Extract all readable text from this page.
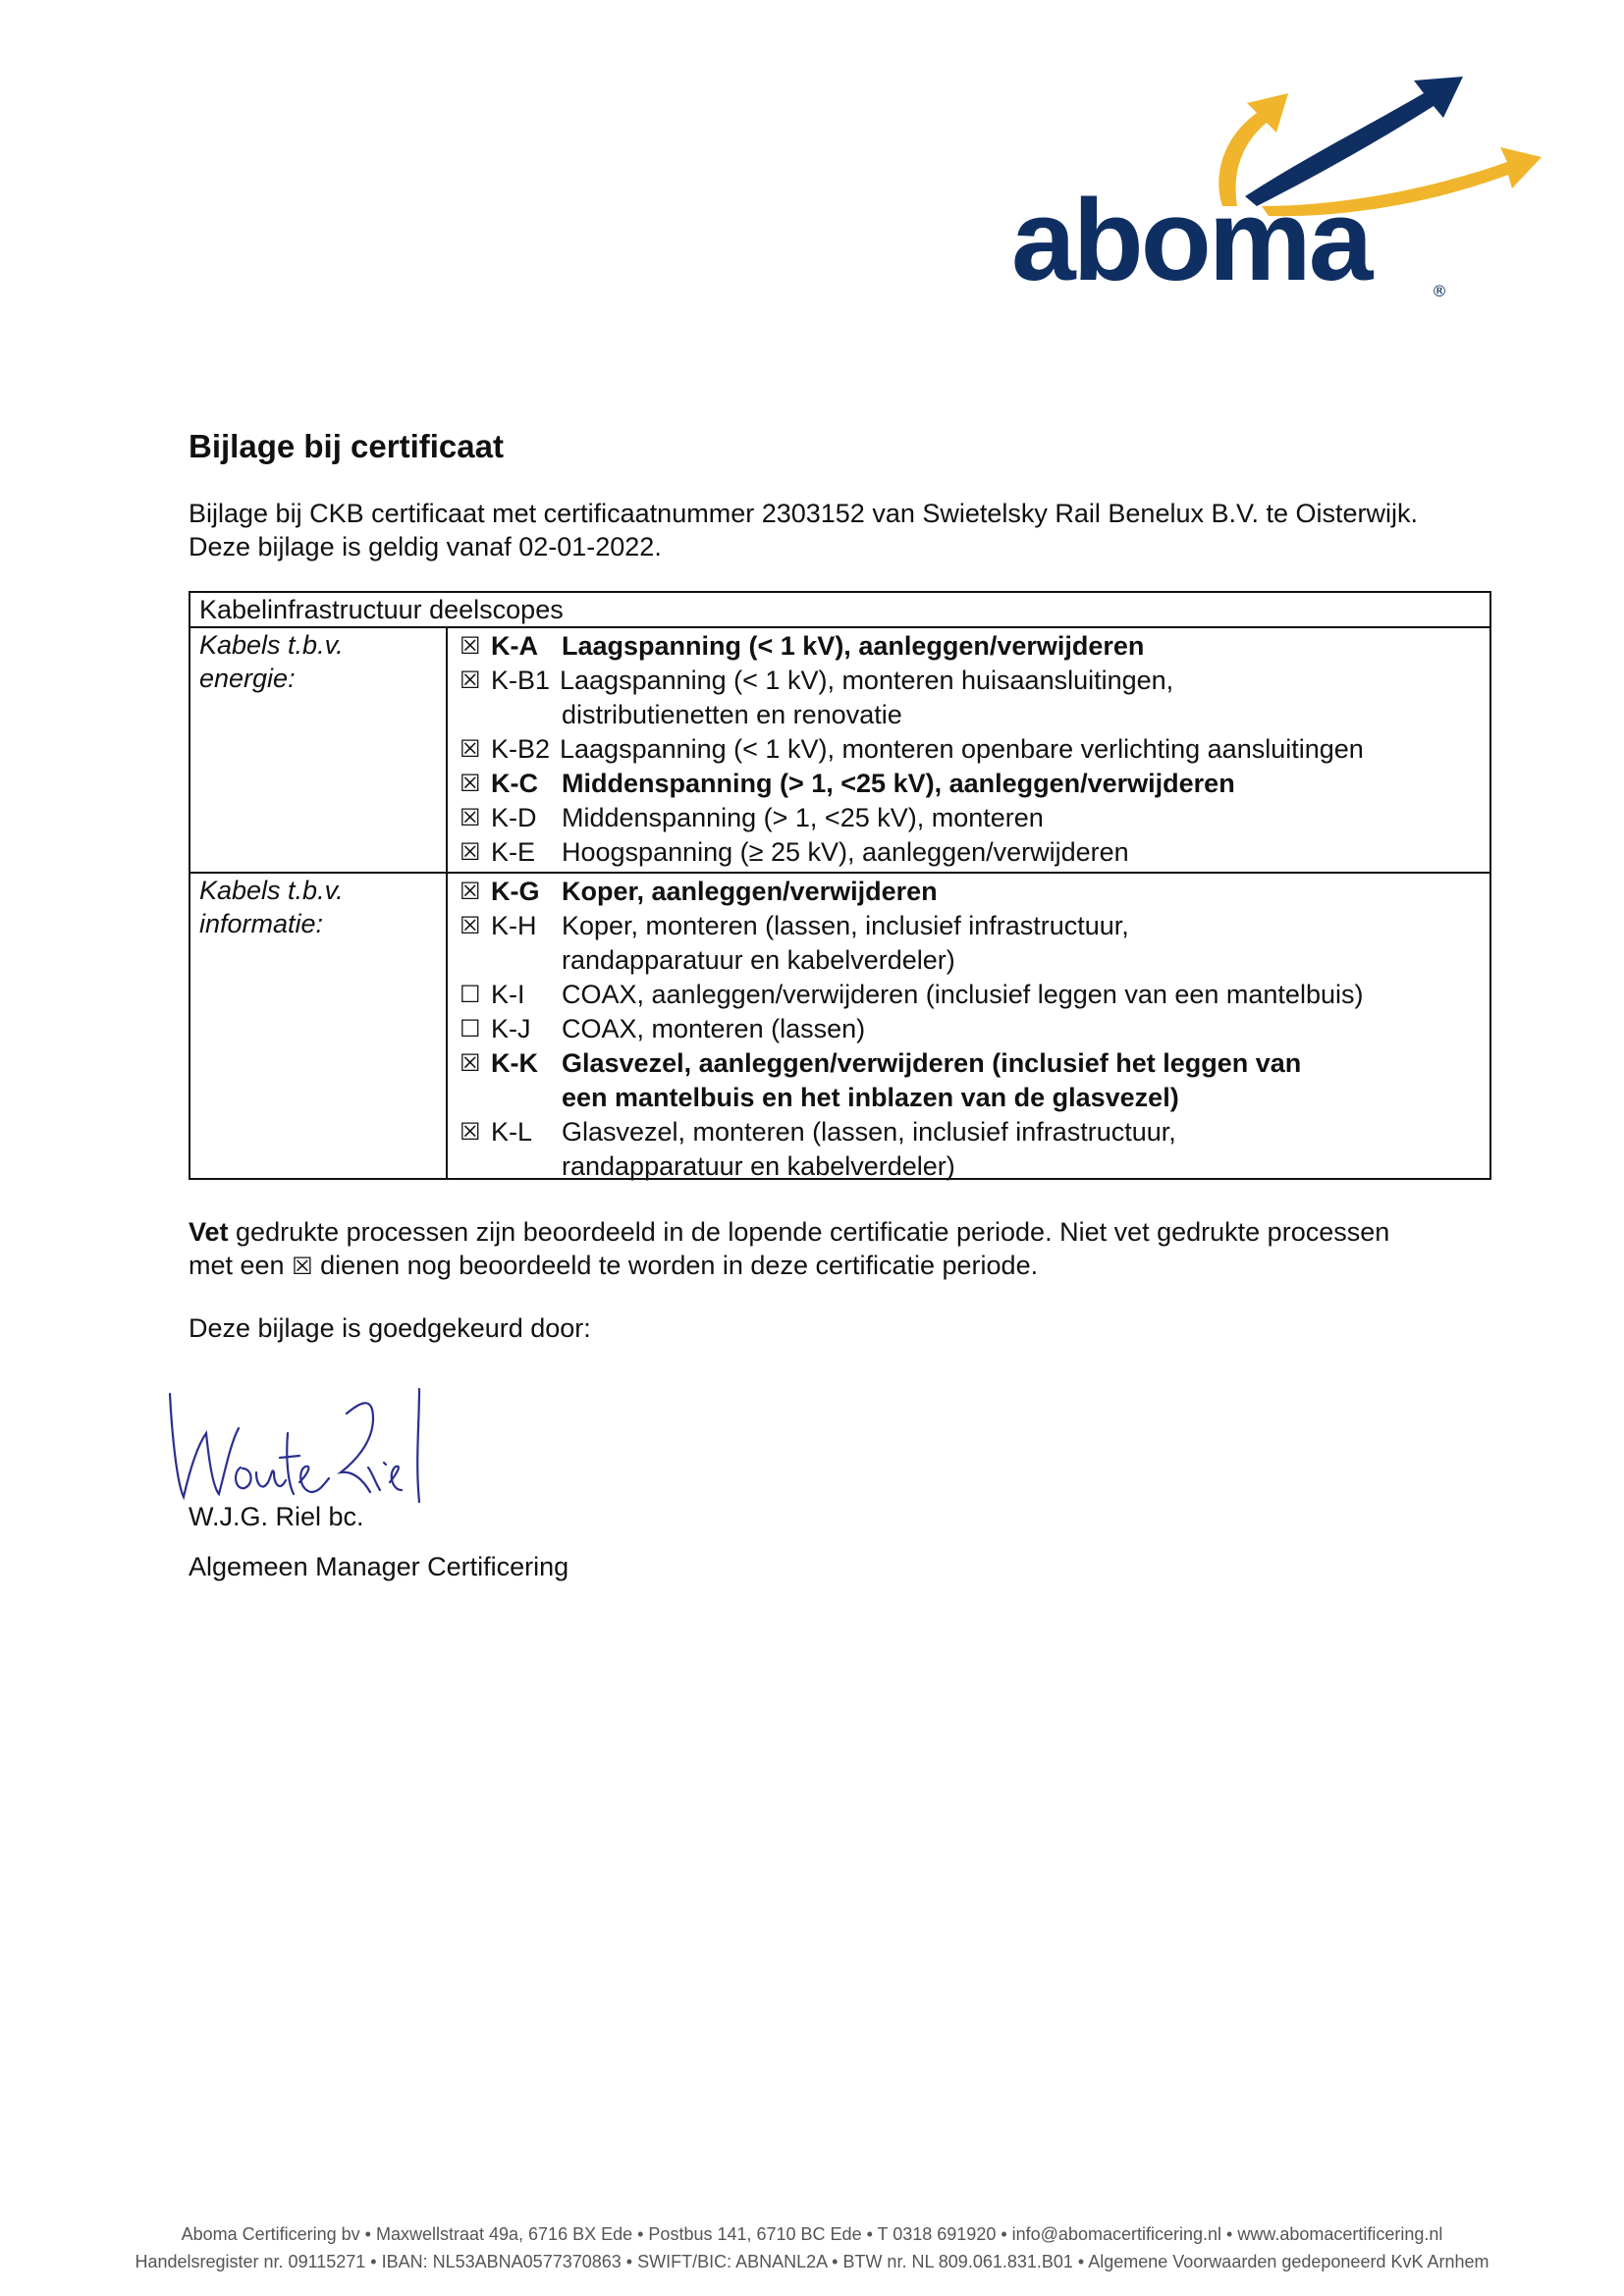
aboma	®
Bijlage bij certificaat

Bijlage bij CKB certificaat met certificaatnummer 2303152 van Swietelsky Rail Benelux B.V. te Oisterwijk.

Deze bijlage is geldig vanaf 02-01-2022.

Kabelinfrastructuur deelscopes
Kabels t.b.v.
energie:
☒ K-A Laagspanning (< 1 kV), aanleggen/verwijderen
☒ K-B1 Laagspanning (< 1 kV), monteren huisaansluitingen,
distributienetten en renovatie
☒ K-B2 Laagspanning (< 1 kV), monteren openbare verlichting aansluitingen
☒ K-C Middenspanning (> 1, <25 kV), aanleggen/verwijderen
☒ K-D Middenspanning (> 1, <25 kV), monteren
☒ K-E Hoogspanning (≥ 25 kV), aanleggen/verwijderen
Kabels t.b.v.
informatie:
☒ K-G Koper, aanleggen/verwijderen
☒ K-H Koper, monteren (lassen, inclusief infrastructuur,
randapparatuur en kabelverdeler)
☐ K-I	COAX, aanleggen/verwijderen (inclusief leggen van een mantelbuis)
☐ K-J	COAX, monteren (lassen)
☒ K-K Glasvezel, aanleggen/verwijderen (inclusief het leggen van
een mantelbuis en het inblazen van de glasvezel)
☒ K-L	Glasvezel, monteren (lassen, inclusief infrastructuur,
randapparatuur en kabelverdeler)
Vet gedrukte processen zijn beoordeeld in de lopende certificatie periode. Niet vet gedrukte processen
met een ☒ dienen nog beoordeeld te worden in deze certificatie periode.

Deze bijlage is goedgekeurd door:

W.J.G. Riel bc.

Algemeen Manager Certificering

Aboma Certificering bv • Maxwellstraat 49a, 6716 BX Ede • Postbus 141, 6710 BC Ede • T 0318 691920 • info@abomacertificering.nl • www.abomacertificering.nl
Handelsregister nr. 09115271 • IBAN: NL53ABNA0577370863 • SWIFT/BIC: ABNANL2A • BTW nr. NL 809.061.831.B01 • Algemene Voorwaarden gedeponeerd KvK Arnhem
